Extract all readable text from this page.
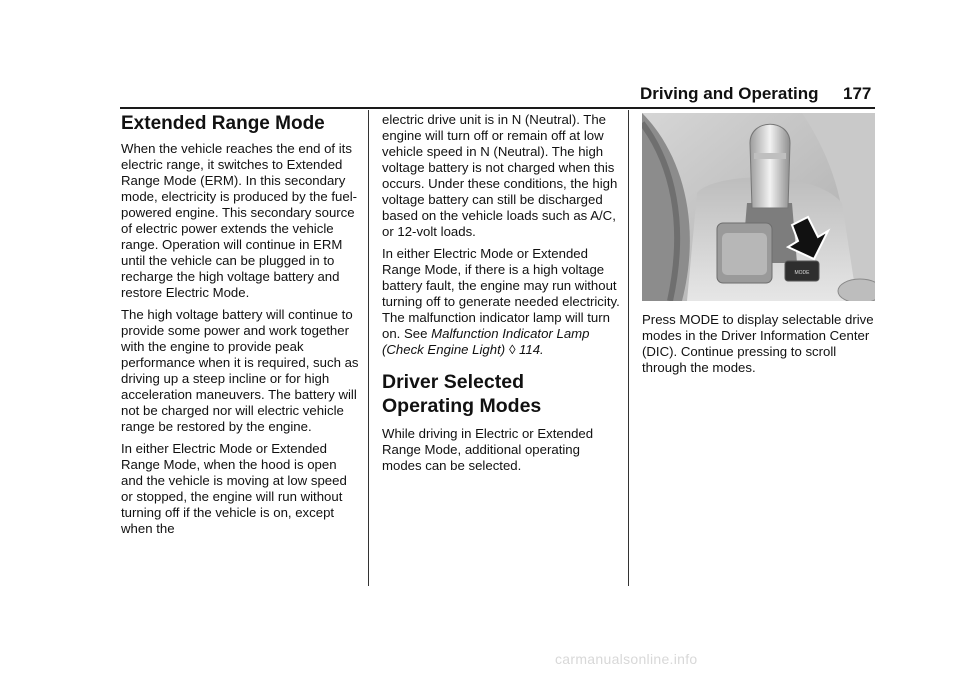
Driving and Operating 177
Extended Range Mode

When the vehicle reaches the end of its electric range, it switches to Extended Range Mode (ERM). In this secondary mode, electricity is produced by the fuel-powered engine. This secondary source of electric power extends the vehicle range. Operation will continue in ERM until the vehicle can be plugged in to recharge the high voltage battery and restore Electric Mode.

The high voltage battery will continue to provide some power and work together with the engine to provide peak performance when it is required, such as driving up a steep incline or for high acceleration maneuvers. The battery will not be charged nor will electric vehicle range be restored by the engine.

In either Electric Mode or Extended Range Mode, when the hood is open and the vehicle is moving at low speed or stopped, the engine will run without turning off if the vehicle is on, except when the

electric drive unit is in N (Neutral). The engine will turn off or remain off at low vehicle speed in N (Neutral). The high voltage battery is not charged when this occurs. Under these conditions, the high voltage battery can still be discharged based on the vehicle loads such as A/C, or 12-volt loads.

In either Electric Mode or Extended Range Mode, if there is a high voltage battery fault, the engine may run without turning off to generate needed electricity. The malfunction indicator lamp will turn on. See Malfunction Indicator Lamp (Check Engine Light) ◊ 114.

Driver Selected Operating Modes

While driving in Electric or Extended Range Mode, additional operating modes can be selected.

MODE

Press MODE to display selectable drive modes in the Driver Information Center (DIC). Continue pressing to scroll through the modes.

carmanualsonline.info
